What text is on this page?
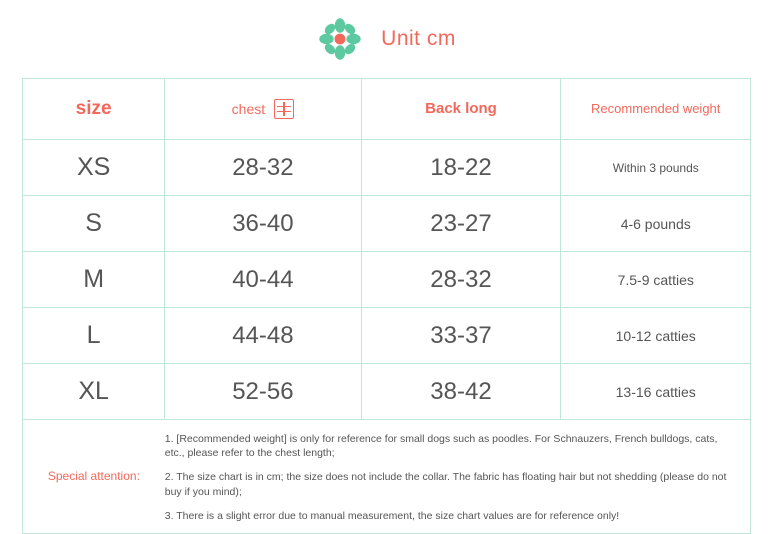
Unit cm
size	chest	Back long	Recommended weight
XS	28-32	18-22	Within 3 pounds
S	36-40	23-27	4-6 pounds
M	40-44	28-32	7.5-9 catties
L	44-48	33-37	10-12 catties
XL	52-56	38-42	13-16 catties
Special attention:
1. [Recommended weight] is only for reference for small dogs such as poodles. For Schnauzers, French bulldogs, cats, etc., please refer to the chest length;
2. The size chart is in cm; the size does not include the collar. The fabric has floating hair but not shedding (please do not buy if you mind);
3. There is a slight error due to manual measurement, the size chart values are for reference only!
